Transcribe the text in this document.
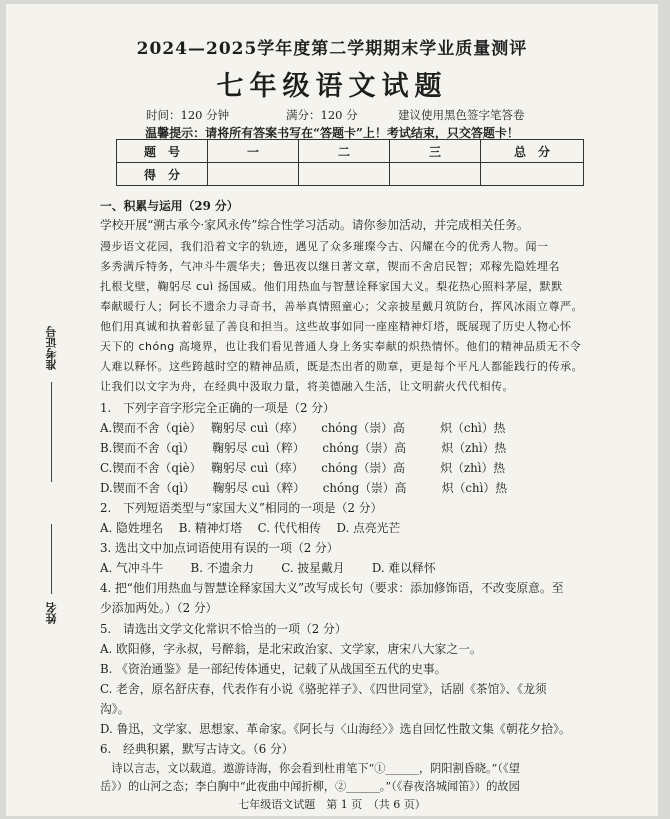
2024—2025学年度第二学期期末学业质量测评
七年级语文试题
时间：120 分钟	满分：120 分	建议使用黑色签字笔答卷
温馨提示：请将所有答案书写在“答题卡”上！考试结束，只交答题卡！
题　号	一	二	三	总　分
得　分				
准考证号
姓名
一、积累与运用（29 分）
学校开展“溯古承今·家风永传”综合性学习活动。请你参加活动，并完成相关任务。
漫步语文花园，我们沿着文字的轨迹，遇见了众多璀璨今古、闪耀在今的优秀人物。闻一
多秀满斥特务，气冲斗牛震华夫；鲁迅夜以继日著文章，锲而不舍启民智；邓稼先隐姓埋名
扎根戈壁，鞠躬尽 cuì 扬国威。他们用热血与智慧诠释家国大义。梨花热心照料茅屋，默默
奉献暖行人；阿长不遗余力寻奇书，善举真情照童心；父亲披星戴月筑防台，挥风冰雨立尊严。
他们用真诚和执着彰显了善良和担当。这些故事如同一座座精神灯塔，既展现了历史人物心怀
天下的 chóng 高境界，也让我们看见普通人身上务实奉献的炽热情怀。他们的精神品质无不令
人难以释怀。这些跨越时空的精神品质，既是杰出者的勋章，更是每个平凡人都能践行的传承。
让我们以文字为舟，在经典中汲取力量，将美德融入生活，让文明薪火代代相传。
1.　下列字音字形完全正确的一项是（2 分）
A.锲而不舍（qiè）　 鞠躬尽 cuì（瘁）　　chóng（崇）高　　　炽（chì）热
B.锲而不舍（qì）　　鞠躬尽 cuì（粹）　　chóng（崇）高　　　炽（zhì）热
C.锲而不舍（qiè）　 鞠躬尽 cuì（瘁）　　chóng（崇）高　　　炽（zhì）热
D.锲而不舍（qì）　　鞠躬尽 cuì（粹）　　chóng（崇）高　　　炽（chì）热
2.　下列短语类型与“家国大义”相同的一项是（2 分）
A. 隐姓埋名　 B. 精神灯塔　 C. 代代相传　 D. 点亮光芒
3. 选出文中加点词语使用有误的一项（2 分）
A. 气冲斗牛　　 B. 不遗余力　　 C. 披星戴月　　 D. 难以释怀
4. 把“他们用热血与智慧诠释家国大义”改写成长句（要求：添加修饰语，不改变原意。至
少添加两处。）（2 分）
5.　请选出文学文化常识不恰当的一项（2 分）
A. 欧阳修，字永叔，号醉翁，是北宋政治家、文学家，唐宋八大家之一。
B. 《资治通鉴》是一部纪传体通史，记载了从战国至五代的史事。
C. 老舍，原名舒庆春，代表作有小说《骆驼祥子》、《四世同堂》，话剧《茶馆》、《龙须
沟》。
D. 鲁迅，文学家、思想家、革命家。《阿长与〈山海经〉》选自回忆性散文集《朝花夕拾》。
6.　经典积累，默写古诗文。（6 分）
　诗以言志，文以载道。遨游诗海，你会看到杜甫笔下“①______，阴阳割昏晓。”（《望
岳》）的山河之态；李白胸中“此夜曲中闻折柳，②______。”（《春夜洛城闻笛》）的故园
七年级语文试题　第 1 页　（共 6 页）
